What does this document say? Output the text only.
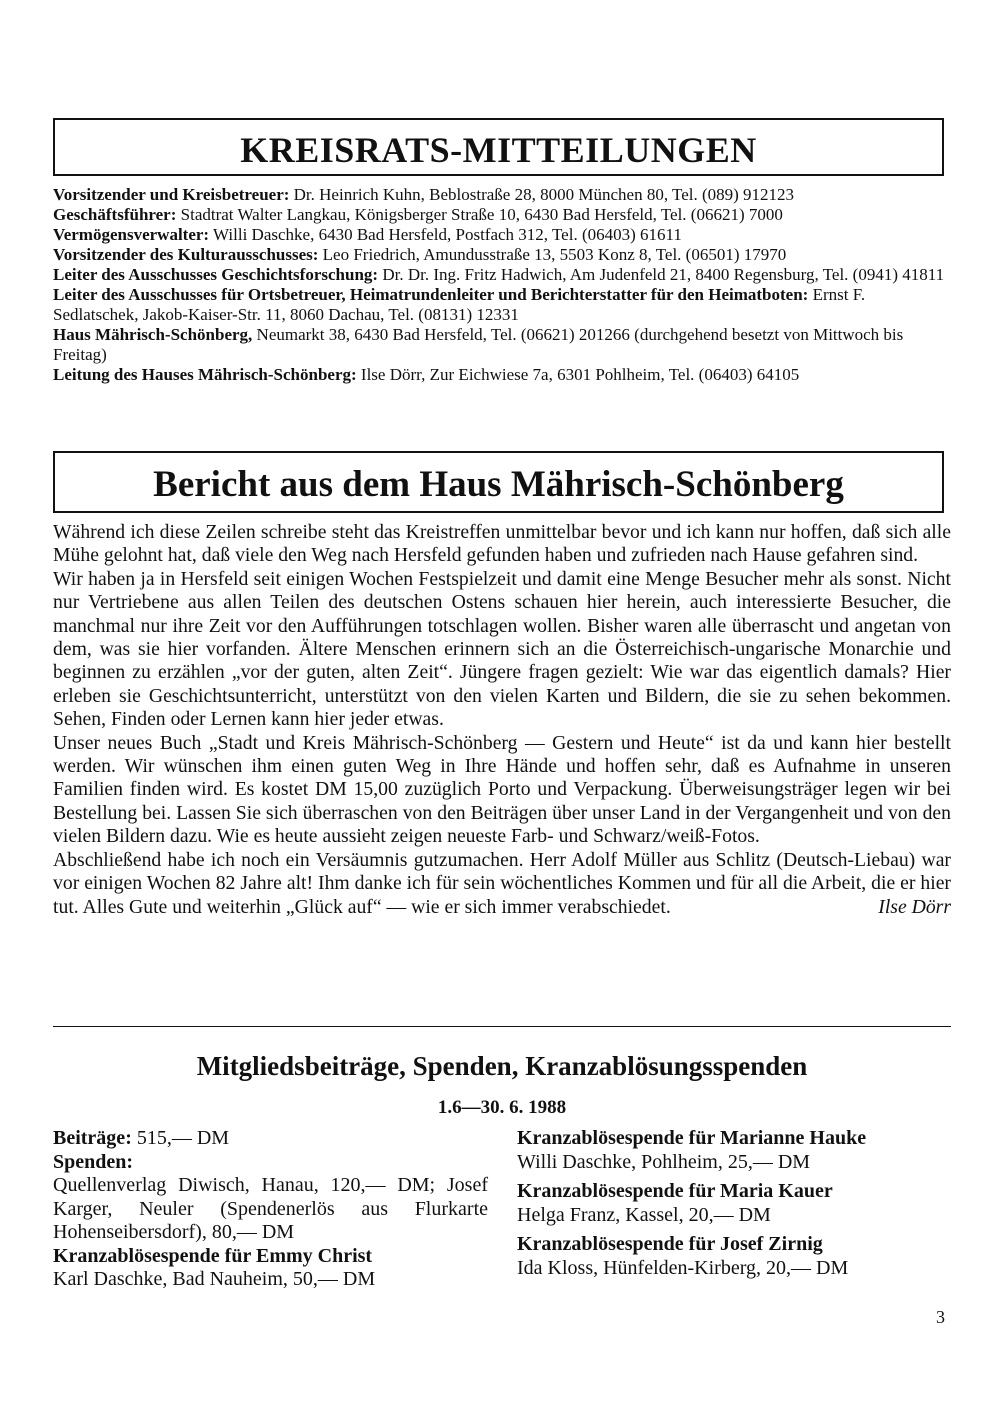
KREISRATS-MITTEILUNGEN

Vorsitzender und Kreisbetreuer: Dr. Heinrich Kuhn, Beblostraße 28, 8000 München 80, Tel. (089) 912123

Geschäftsführer: Stadtrat Walter Langkau, Königsberger Straße 10, 6430 Bad Hersfeld, Tel. (06621) 7000

Vermögensverwalter: Willi Daschke, 6430 Bad Hersfeld, Postfach 312, Tel. (06403) 61611

Vorsitzender des Kulturausschusses: Leo Friedrich, Amundusstraße 13, 5503 Konz 8, Tel. (06501) 17970

Leiter des Ausschusses Geschichtsforschung: Dr. Dr. Ing. Fritz Hadwich, Am Judenfeld 21, 8400 Regensburg, Tel. (0941) 41811

Leiter des Ausschusses für Ortsbetreuer, Heimatrundenleiter und Berichterstatter für den Heimatboten: Ernst F. Sedlatschek, Jakob-Kaiser-Str. 11, 8060 Dachau, Tel. (08131) 12331

Haus Mährisch-Schönberg, Neumarkt 38, 6430 Bad Hersfeld, Tel. (06621) 201266 (durchgehend besetzt von Mittwoch bis Freitag)

Leitung des Hauses Mährisch-Schönberg: Ilse Dörr, Zur Eichwiese 7a, 6301 Pohlheim, Tel. (06403) 64105

Bericht aus dem Haus Mährisch-Schönberg

Während ich diese Zeilen schreibe steht das Kreistreffen unmittelbar bevor und ich kann nur hoffen, daß sich alle Mühe gelohnt hat, daß viele den Weg nach Hersfeld gefunden haben und zufrieden nach Hause gefahren sind.

Wir haben ja in Hersfeld seit einigen Wochen Festspielzeit und damit eine Menge Besucher mehr als sonst. Nicht nur Vertriebene aus allen Teilen des deutschen Ostens schauen hier herein, auch interessierte Besucher, die manchmal nur ihre Zeit vor den Aufführungen totschlagen wollen. Bisher waren alle überrascht und angetan von dem, was sie hier vorfanden. Ältere Menschen erinnern sich an die Österreichisch-ungarische Monarchie und beginnen zu erzählen „vor der guten, alten Zeit“. Jüngere fragen gezielt: Wie war das eigentlich damals? Hier erleben sie Geschichtsunterricht, unterstützt von den vielen Karten und Bildern, die sie zu sehen bekommen. Sehen, Finden oder Lernen kann hier jeder etwas.

Unser neues Buch „Stadt und Kreis Mährisch-Schönberg — Gestern und Heute“ ist da und kann hier bestellt werden. Wir wünschen ihm einen guten Weg in Ihre Hände und hoffen sehr, daß es Aufnahme in unseren Familien finden wird. Es kostet DM 15,00 zuzüglich Porto und Verpackung. Überweisungsträger legen wir bei Bestellung bei. Lassen Sie sich überraschen von den Beiträgen über unser Land in der Vergangenheit und von den vielen Bildern dazu. Wie es heute aussieht zeigen neueste Farb- und Schwarz/weiß-Fotos.

Abschließend habe ich noch ein Versäumnis gutzumachen. Herr Adolf Müller aus Schlitz (Deutsch-Liebau) war vor einigen Wochen 82 Jahre alt! Ihm danke ich für sein wöchentliches Kommen und für all die Arbeit, die er hier tut. Alles Gute und weiterhin „Glück auf“ — wie er sich immer verabschiedet.	Ilse Dörr

Mitgliedsbeiträge, Spenden, Kranzablösungsspenden
1.6—30. 6. 1988

Beiträge: 515,— DM

Spenden:

Quellenverlag Diwisch, Hanau, 120,— DM; Josef Karger, Neuler (Spendenerlös aus Flurkarte Hohenseibersdorf), 80,— DM

Kranzablösespende für Emmy Christ

Karl Daschke, Bad Nauheim, 50,— DM

Kranzablösespende für Marianne Hauke

Willi Daschke, Pohlheim, 25,— DM

Kranzablösespende für Maria Kauer

Helga Franz, Kassel, 20,— DM

Kranzablösespende für Josef Zirnig

Ida Kloss, Hünfelden-Kirberg, 20,— DM

3
